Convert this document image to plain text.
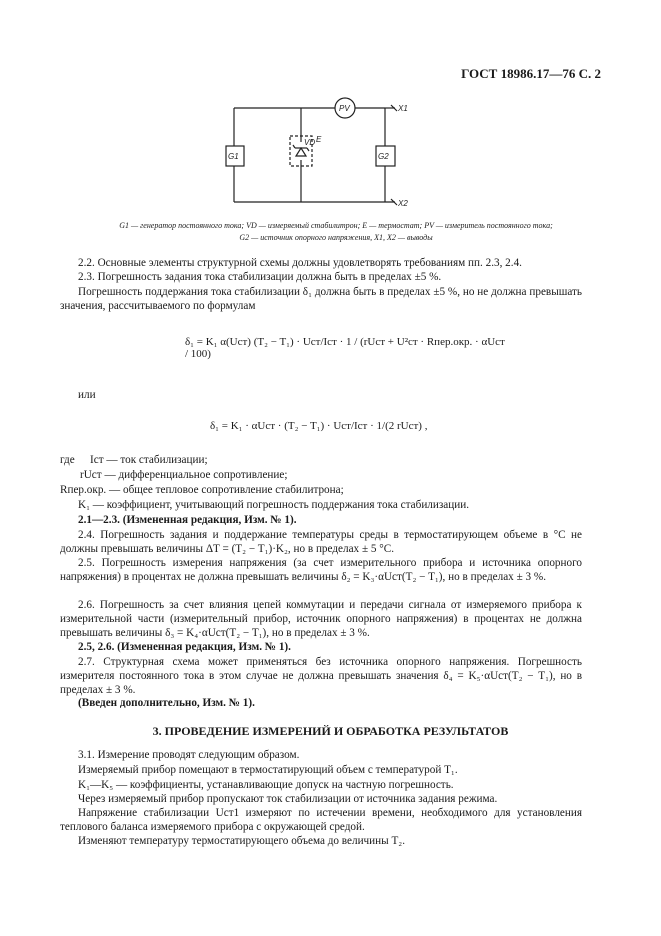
ГОСТ 18986.17—76 С. 2
PV	X1
X2
G1	G2
VD E
G1 — генератор постоянного тока; VD — измеряемый стабилитрон; E — термостат; PV — измеритель постоянного тока;
G2 — источник опорного напряжения, X1, X2 — выводы
2.2. Основные элементы структурной схемы должны удовлетворять требованиям пп. 2.3, 2.4.
2.3. Погрешность задания тока стабилизации должна быть в пределах ±5 %.
Погрешность поддержания тока стабилизации δ₁ должна быть в пределах ±5 %, но не должна превышать значения, рассчитываемого по формулам
δ₁ = K₁ α(Uст) (T₂ − T₁) · Uст/Iст · 1 / (rUст + U²ст · Rпер.окр. · αUст / 100)
или
δ₁ = K₁ · αUст · (T₂ − T₁) · Uст/Iст · 1/(2 rUст) ,
где	Iст — ток стабилизации;
rUст — дифференциальное сопротивление;
Rпер.окр. — общее тепловое сопротивление стабилитрона;
K₁ — коэффициент, учитывающий погрешность поддержания тока стабилизации.
2.1—2.3. (Измененная редакция, Изм. № 1).
2.4. Погрешность задания и поддержание температуры среды в термостатирующем объеме в °С не должны превышать величины ΔT = (T₂ − T₁)·K₂, но в пределах ± 5 °С.
2.5. Погрешность измерения напряжения (за счет измерительного прибора и источника опорного напряжения) в процентах не должна превышать величины δ₂ = K₃·αUст(T₂ − T₁), но в пределах ± 3 %.
2.6. Погрешность за счет влияния цепей коммутации и передачи сигнала от измеряемого прибора к измерительной части (измерительный прибор, источник опорного напряжения) в процентах не должна превышать величины δ₃ = K₄·αUст(T₂ − T₁), но в пределах ± 3 %.
2.5, 2.6. (Измененная редакция, Изм. № 1).
2.7. Структурная схема может применяться без источника опорного напряжения. Погрешность измерителя постоянного тока в этом случае не должна превышать значения δ₄ = K₅·αUст(T₂ − T₁), но в пределах ± 3 %.
(Введен дополнительно, Изм. № 1).
3. ПРОВЕДЕНИЕ ИЗМЕРЕНИЙ И ОБРАБОТКА РЕЗУЛЬТАТОВ
3.1. Измерение проводят следующим образом.
Измеряемый прибор помещают в термостатирующий объем с температурой T₁.
K₁—K₅ — коэффициенты, устанавливающие допуск на частную погрешность.
Через измеряемый прибор пропускают ток стабилизации от источника задания режима.
Напряжение стабилизации Uст1 измеряют по истечении времени, необходимого для установления теплового баланса измеряемого прибора с окружающей средой.
Изменяют температуру термостатирующего объема до величины T₂.
